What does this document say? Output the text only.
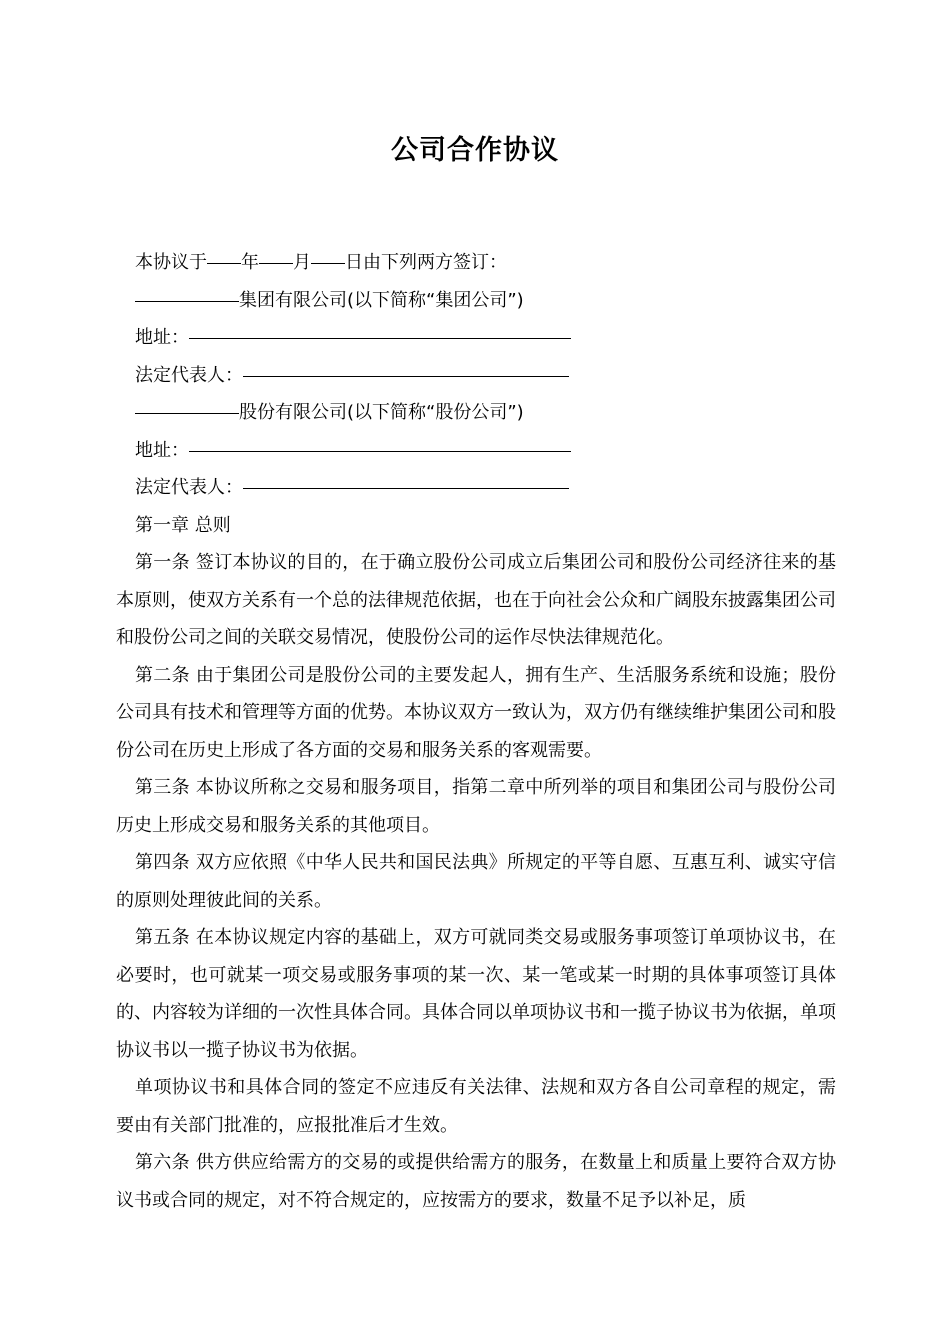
公司合作协议
本协议于 年 月 日由下列两方签订：
集团有限公司(以下简称“集团公司”)
地址：
法定代表人：
股份有限公司(以下简称“股份公司”)
地址：
法定代表人：
第一章 总则

第一条 签订本协议的目的，在于确立股份公司成立后集团公司和股份公司经济往来的基本原则，使双方关系有一个总的法律规范依据，也在于向社会公众和广阔股东披露集团公司和股份公司之间的关联交易情况，使股份公司的运作尽快法律规范化。

第二条 由于集团公司是股份公司的主要发起人，拥有生产、生活服务系统和设施；股份公司具有技术和管理等方面的优势。本协议双方一致认为，双方仍有继续维护集团公司和股份公司在历史上形成了各方面的交易和服务关系的客观需要。

第三条 本协议所称之交易和服务项目，指第二章中所列举的项目和集团公司与股份公司历史上形成交易和服务关系的其他项目。

第四条 双方应依照《中华人民共和国民法典》所规定的平等自愿、互惠互利、诚实守信的原则处理彼此间的关系。

第五条 在本协议规定内容的基础上，双方可就同类交易或服务事项签订单项协议书，在必要时，也可就某一项交易或服务事项的某一次、某一笔或某一时期的具体事项签订具体的、内容较为详细的一次性具体合同。具体合同以单项协议书和一揽子协议书为依据，单项协议书以一揽子协议书为依据。

单项协议书和具体合同的签定不应违反有关法律、法规和双方各自公司章程的规定，需要由有关部门批准的，应报批准后才生效。

第六条 供方供应给需方的交易的或提供给需方的服务，在数量上和质量上要符合双方协议书或合同的规定，对不符合规定的，应按需方的要求，数量不足予以补足，质
